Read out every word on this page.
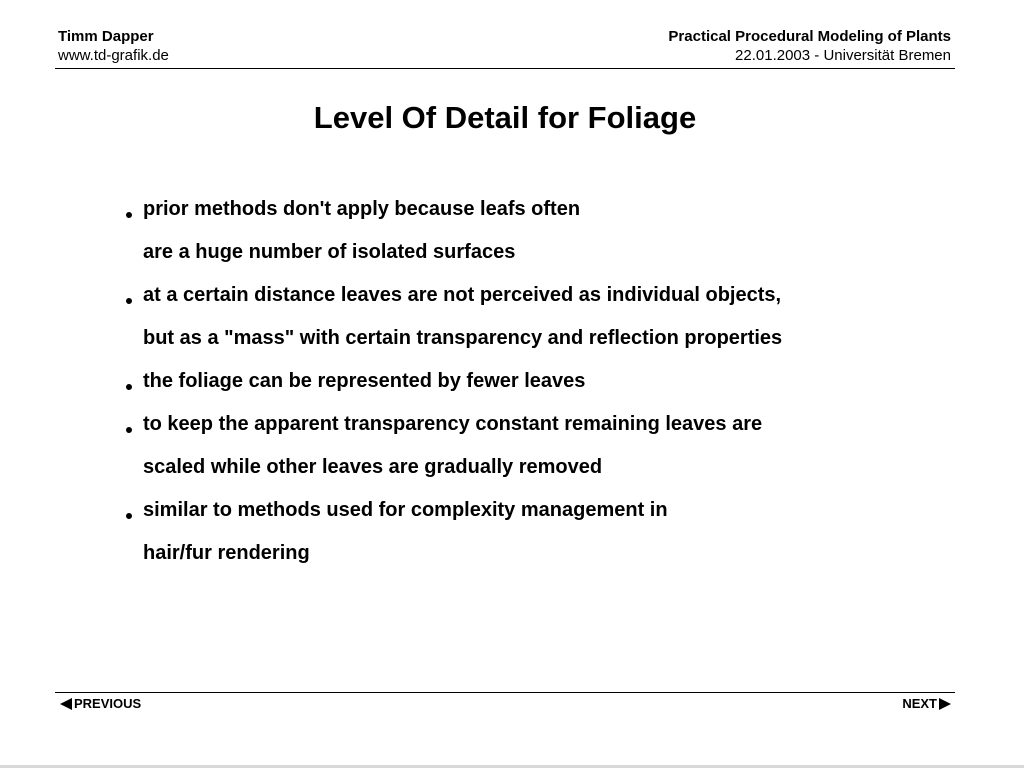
Timm Dapper
www.td-grafik.de
Practical Procedural Modeling of Plants
22.01.2003 - Universität Bremen
Level Of Detail for Foliage
prior methods don't apply because leafs often
are a huge number of isolated surfaces
at a certain distance leaves are not perceived as individual objects,
but as a "mass" with certain transparency and reflection properties
the foliage can be represented by fewer leaves
to keep the apparent transparency constant remaining leaves are
scaled while other leaves are gradually removed
similar to methods used for complexity management in
hair/fur rendering
PREVIOUS	NEXT
